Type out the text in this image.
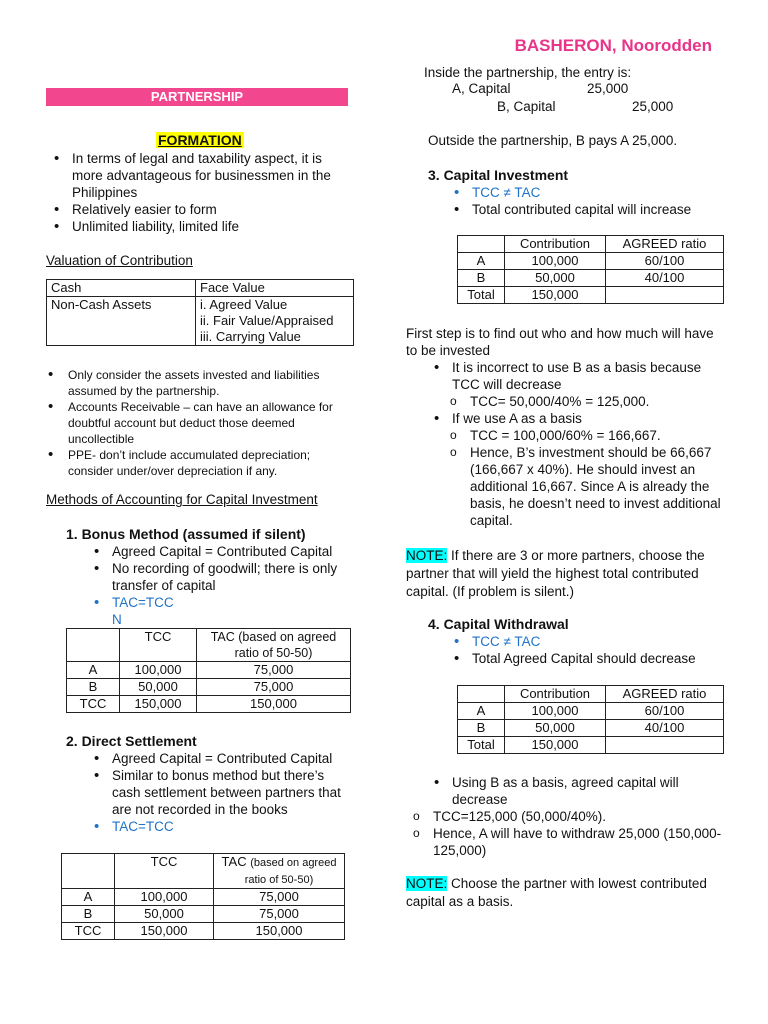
BASHERON, Noorodden
PARTNERSHIP
FORMATION
• In terms of legal and taxability aspect, it is more advantageous for businessmen in the Philippines
• Relatively easier to form
• Unlimited liability, limited life
Valuation of Contribution
Cash	Face Value
Non-Cash Assets	i. Agreed Value
ii. Fair Value/Appraised
iii. Carrying Value
• Only consider the assets invested and liabilities assumed by the partnership.
• Accounts Receivable – can have an allowance for doubtful account but deduct those deemed uncollectible
• PPE- don’t include accumulated depreciation; consider under/over depreciation if any.
Methods of Accounting for Capital Investment
1. Bonus Method (assumed if silent)
• Agreed Capital = Contributed Capital
• No recording of goodwill; there is only transfer of capital
• TAC=TCC
N
	TCC	TAC (based on agreed ratio of 50-50)
A	100,000	75,000
B	50,000	75,000
TCC	150,000	150,000
2. Direct Settlement
• Agreed Capital = Contributed Capital
• Similar to bonus method but there’s cash settlement between partners that are not recorded in the books
• TAC=TCC
	TCC	TAC (based on agreed ratio of 50-50)
A	100,000	75,000
B	50,000	75,000
TCC	150,000	150,000
Inside the partnership, the entry is:
A, Capital	25,000
B, Capital	25,000
Outside the partnership, B pays A 25,000.
3. Capital Investment
• TCC ≠ TAC
• Total contributed capital will increase
	Contribution	AGREED ratio
A	100,000	60/100
B	50,000	40/100
Total	150,000	
First step is to find out who and how much will have to be invested
• It is incorrect to use B as a basis because TCC will decrease
o TCC= 50,000/40% = 125,000.
• If we use A as a basis
o TCC = 100,000/60% = 166,667.
o Hence, B’s investment should be 66,667 (166,667 x 40%). He should invest an additional 16,667. Since A is already the basis, he doesn’t need to invest additional capital.
NOTE: If there are 3 or more partners, choose the partner that will yield the highest total contributed capital. (If problem is silent.)
4. Capital Withdrawal
• TCC ≠ TAC
• Total Agreed Capital should decrease
	Contribution	AGREED ratio
A	100,000	60/100
B	50,000	40/100
Total	150,000	
• Using B as a basis, agreed capital will decrease
o TCC=125,000 (50,000/40%).
o Hence, A will have to withdraw 25,000 (150,000-125,000)
NOTE: Choose the partner with lowest contributed capital as a basis.
